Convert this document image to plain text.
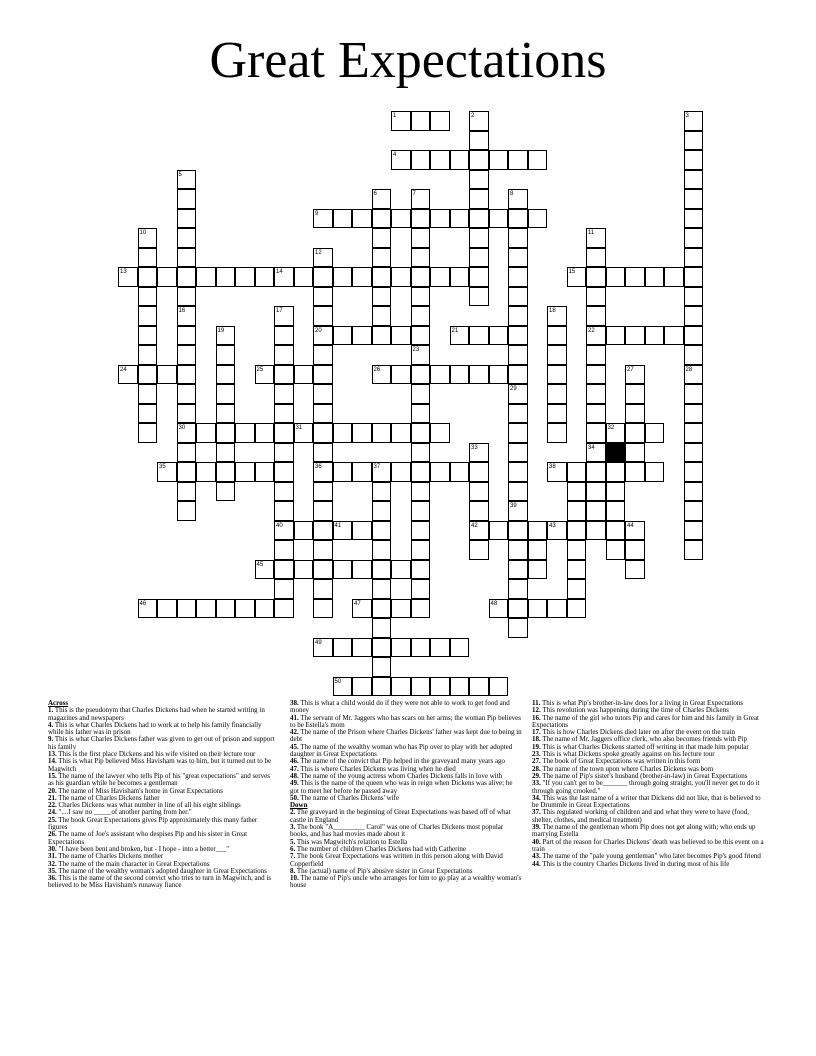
Great Expectations
1	2	3
4
5
6	7	8
9
10	11
12
13	14	15
16	17	18
19	20	21	22
23
24	25	26	27	28
29
30	31	32
33	34
35	36	37	38
39
40	41	42	43	44
45
46	47	48
49
50
Across
1. This is the pseudonym that Charles Dickens had when he started writing in magazines and newspapers
4. This is what Charles Dickens had to work at to help his family financially while his father was in prison
9. This is what Charles Dickens father was given to get out of prison and support his family
13. This is the first place Dickens and his wife visited on their lecture tour
14. This is what Pip believed Miss Havisham was to him, but it turned out to be Magwitch
15. The name of the lawyer who tells Pip of his "great expectations" and serves as his guardian while he becomes a gentleman
20. The name of Miss Havisham's home in Great Expectations
21. The name of Charles Dickens father
22. Charles Dickens was what number in line of all his eight siblings
24. "....I saw no _____of another parting from her."
25. The book Great Expectations gives Pip approximately this many father figures
26. The name of Joe's assistant who despises Pip and his sister in Great Expectations
30. "I have been bent and broken, but - I hope - into a better___"
31. The name of Charles Dickens mother
32. The name of the main character in Great Expectations
35. The name of the wealthy woman's adopted daughter in Great Expectations
36. This is the name of the second convict who tries to turn in Magwitch, and is believed to be Miss Havisham's runaway fiance
38. This is what a child would do if they were not able to work to get food and money
41. The servant of Mr. Jaggers who has scars on her arms; the woman Pip believes to be Estella's mom
42. The name of the Prison where Charles Dickens' father was kept due to being in debt
45. The name of the wealthy woman who has Pip over to play with her adopted daughter in Great Expectations
46. The name of the convict that Pip helped in the graveyard many years ago
47. This is where Charles Dickens was living when he died
48. The name of the young actress whom Charles Dickens falls in love with
49. This is the name of the queen who was in reign when Dickens was alive; he got to meet her before he passed away
50. The name of Charles Dickens' wife
Down
2. The graveyard in the beginning of Great Expectations was based off of what castle in England
3. The book "A_________ Carol" was one of Charles Dickens most popular books, and has had movies made about it
5. This was Magwitch's relation to Estella
6. The number of children Charles Dickens had with Catherine
7. The book Great Expectations was written in this person along with David Copperfield
8. The (actual) name of Pip's abusive sister in Great Expectations
10. The name of Pip's uncle who arranges for him to go play at a wealthy woman's house
11. This is what Pip's brother-in-law does for a living in Great Expectations
12. This revolution was happening during the time of Charles Dickens
16. The name of the girl who tutors Pip and cares for him and his family in Great Expectations
17. This is how Charles Dickens died later on after the event on the train
18. The name of Mr. Jaggers office clerk, who also becomes friends with Pip
19. This is what Charles Dickens started off writing in that made him popular
23. This is what Dickens spoke greatly against on his lecture tour
27. The book of Great Expectations was written in this form
28. The name of the town upon where Charles Dickens was born
29. The name of Pip's sister's husband (brother-in-law) in Great Expectations
33. "If you can't get to be_______ through going straight, you'll never get to do it through going crooked."
34. This was the last name of a writer that Dickens did not like, that is believed to be Drummle in Great Expectations
37. This regulated working of children and and what they were to have (food, shelter, clothes, and medical treatment)
39. The name of the gentleman whom Pip does not get along with; who ends up marrying Estella
40. Part of the reason for Charles Dickens' death was believed to be this event on a train
43. The name of the "pale young gentleman" who later becomes Pip's good friend
44. This is the country Charles Dickens lived in during most of his life
